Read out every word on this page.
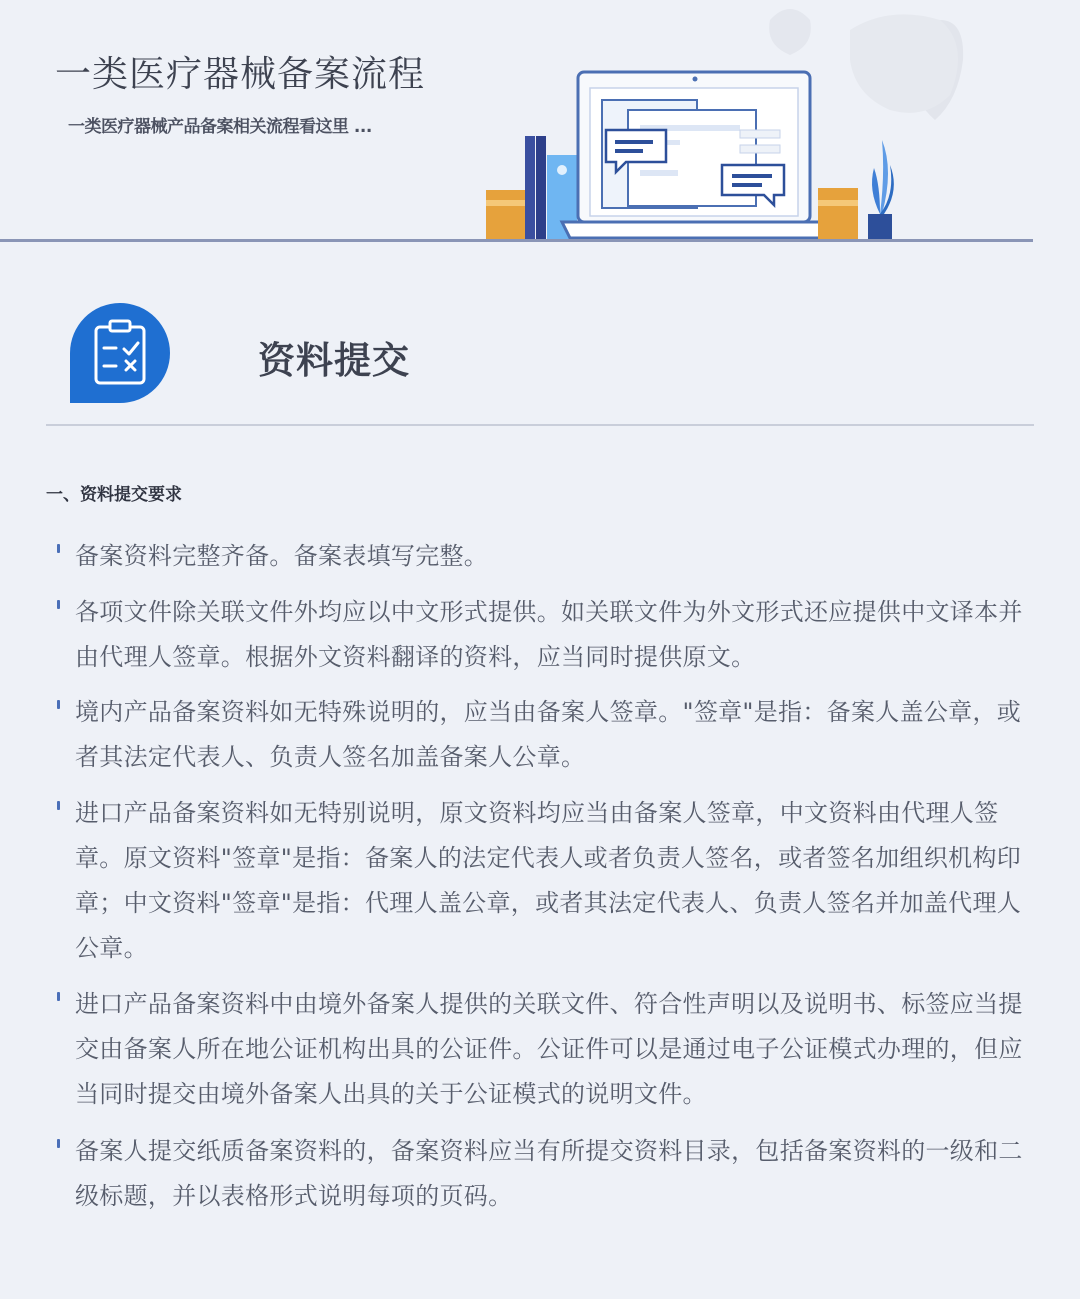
一类医疗器械备案流程

一类医疗器械产品备案相关流程看这里 ...

资料提交
一、资料提交要求
备案资料完整齐备。备案表填写完整。
各项文件除关联文件外均应以中文形式提供。如关联文件为外文形式还应提供中文译本并由代理人签章。根据外文资料翻译的资料，应当同时提供原文。
境内产品备案资料如无特殊说明的，应当由备案人签章。"签章"是指：备案人盖公章，或者其法定代表人、负责人签名加盖备案人公章。
进口产品备案资料如无特别说明，原文资料均应当由备案人签章，中文资料由代理人签章。原文资料"签章"是指：备案人的法定代表人或者负责人签名，或者签名加组织机构印章；中文资料"签章"是指：代理人盖公章，或者其法定代表人、负责人签名并加盖代理人公章。
进口产品备案资料中由境外备案人提供的关联文件、符合性声明以及说明书、标签应当提交由备案人所在地公证机构出具的公证件。公证件可以是通过电子公证模式办理的，但应当同时提交由境外备案人出具的关于公证模式的说明文件。
备案人提交纸质备案资料的，备案资料应当有所提交资料目录，包括备案资料的一级和二级标题，并以表格形式说明每项的页码。
